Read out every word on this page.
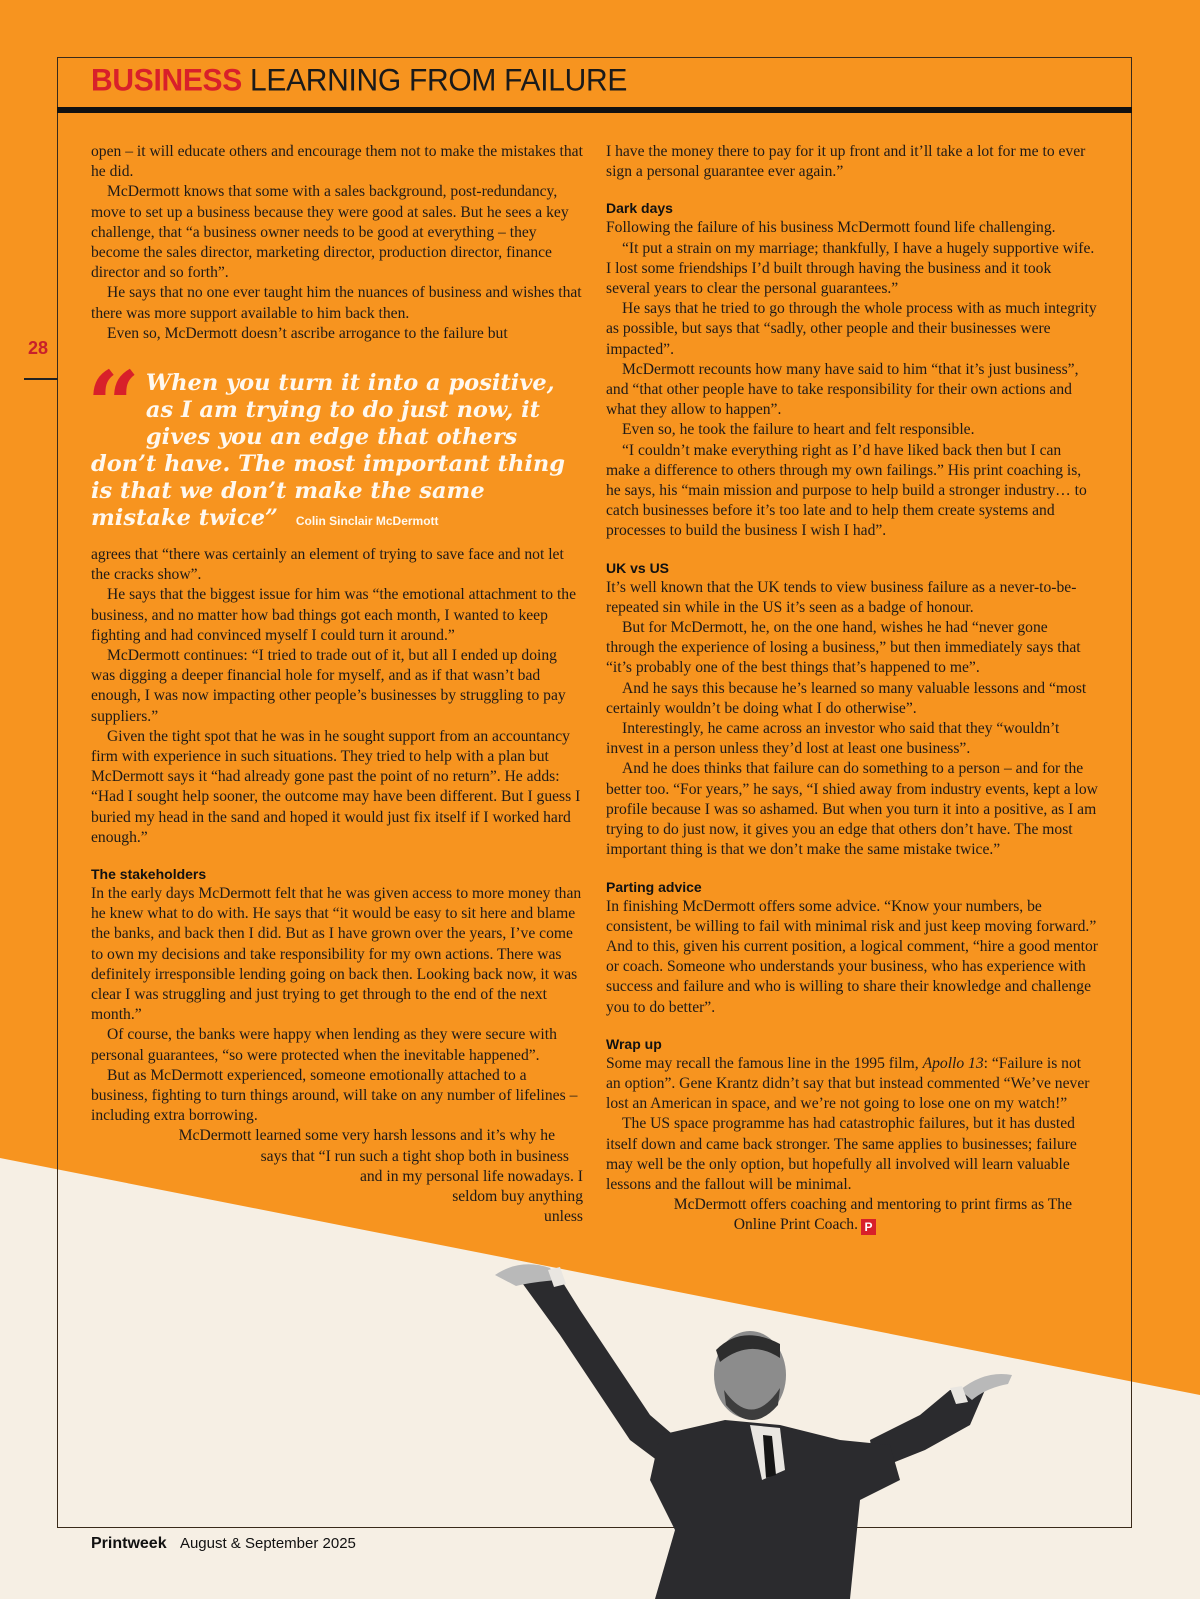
BUSINESS LEARNING FROM FAILURE
28

open – it will educate others and encourage them not to make the mistakes that he did.

McDermott knows that some with a sales background, post-redundancy, move to set up a business because they were good at sales. But he sees a key challenge, that “a business owner needs to be good at everything – they become the sales director, marketing director, production director, finance director and so forth”.

He says that no one ever taught him the nuances of business and wishes that there was more support available to him back then.

Even so, McDermott doesn’t ascribe arrogance to the failure but

“ When you turn it into a positive, as I am trying to do just now, it gives you an edge that others don’t have. The most important thing is that we don’t make the same mistake twice” Colin Sinclair McDermott

agrees that “there was certainly an element of trying to save face and not let the cracks show”.

He says that the biggest issue for him was “the emotional attachment to the business, and no matter how bad things got each month, I wanted to keep fighting and had convinced myself I could turn it around.”

McDermott continues: “I tried to trade out of it, but all I ended up doing was digging a deeper financial hole for myself, and as if that wasn’t bad enough, I was now impacting other people’s businesses by struggling to pay suppliers.”

Given the tight spot that he was in he sought support from an accountancy firm with experience in such situations. They tried to help with a plan but McDermott says it “had already gone past the point of no return”. He adds: “Had I sought help sooner, the outcome may have been different. But I guess I buried my head in the sand and hoped it would just fix itself if I worked hard enough.”

The stakeholders

In the early days McDermott felt that he was given access to more money than he knew what to do with. He says that “it would be easy to sit here and blame the banks, and back then I did. But as I have grown over the years, I’ve come to own my decisions and take responsibility for my own actions. There was definitely irresponsible lending going on back then. Looking back now, it was clear I was struggling and just trying to get through to the end of the next month.”

Of course, the banks were happy when lending as they were secure with personal guarantees, “so were protected when the inevitable happened”.

But as McDermott experienced, someone emotionally attached to a business, fighting to turn things around, will take on any number of lifelines – including extra borrowing.

McDermott learned some very harsh lessons and it’s why he

says that “I run such a tight shop both in business

and in my personal life nowadays. I

seldom buy anything

unless

I have the money there to pay for it up front and it’ll take a lot for me to ever sign a personal guarantee ever again.”

Dark days

Following the failure of his business McDermott found life challenging.

“It put a strain on my marriage; thankfully, I have a hugely supportive wife. I lost some friendships I’d built through having the business and it took several years to clear the personal guarantees.”

He says that he tried to go through the whole process with as much integrity as possible, but says that “sadly, other people and their businesses were impacted”.

McDermott recounts how many have said to him “that it’s just business”, and “that other people have to take responsibility for their own actions and what they allow to happen”.

Even so, he took the failure to heart and felt responsible.

“I couldn’t make everything right as I’d have liked back then but I can make a difference to others through my own failings.” His print coaching is, he says, his “main mission and purpose to help build a stronger industry… to catch businesses before it’s too late and to help them create systems and processes to build the business I wish I had”.

UK vs US

It’s well known that the UK tends to view business failure as a never-to-be-repeated sin while in the US it’s seen as a badge of honour.

But for McDermott, he, on the one hand, wishes he had “never gone through the experience of losing a business,” but then immediately says that “it’s probably one of the best things that’s happened to me”.

And he says this because he’s learned so many valuable lessons and “most certainly wouldn’t be doing what I do otherwise”.

Interestingly, he came across an investor who said that they “wouldn’t invest in a person unless they’d lost at least one business”.

And he does thinks that failure can do something to a person – and for the better too. “For years,” he says, “I shied away from industry events, kept a low profile because I was so ashamed. But when you turn it into a positive, as I am trying to do just now, it gives you an edge that others don’t have. The most important thing is that we don’t make the same mistake twice.”

Parting advice

In finishing McDermott offers some advice. “Know your numbers, be consistent, be willing to fail with minimal risk and just keep moving forward.” And to this, given his current position, a logical comment, “hire a good mentor or coach. Someone who understands your business, who has experience with success and failure and who is willing to share their knowledge and challenge you to do better”.

Wrap up

Some may recall the famous line in the 1995 film, Apollo 13: “Failure is not an option”. Gene Krantz didn’t say that but instead commented “We’ve never lost an American in space, and we’re not going to lose one on my watch!”

The US space programme has had catastrophic failures, but it has dusted itself down and came back stronger. The same applies to businesses; failure may well be the only option, but hopefully all involved will learn valuable lessons and the fallout will be minimal.

McDermott offers coaching and mentoring to print firms as The

Online Print Coach. P

Printweek August & September 2025
